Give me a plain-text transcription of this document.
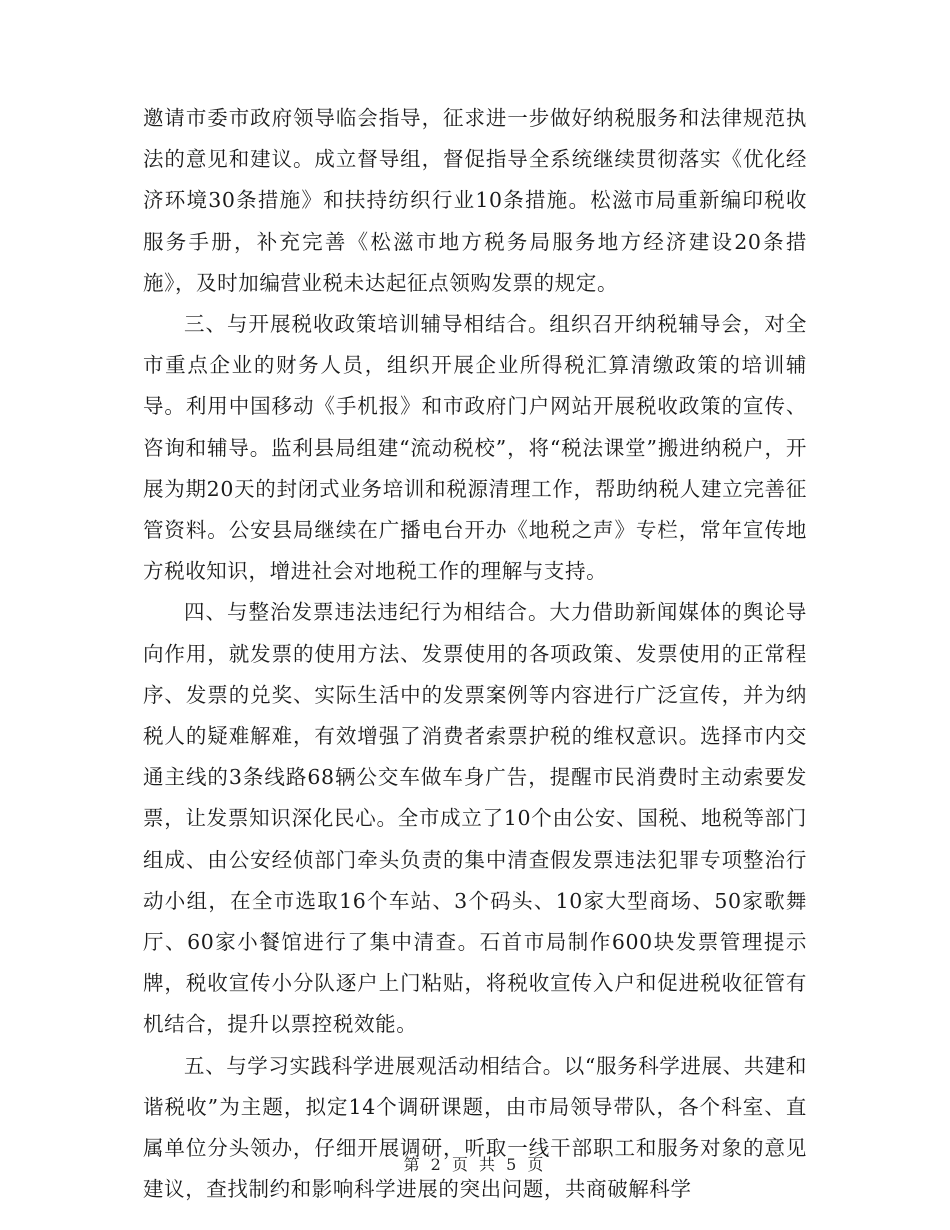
邀请市委市政府领导临会指导，征求进一步做好纳税服务和法律规范执法的意见和建议。成立督导组，督促指导全系统继续贯彻落实《优化经济环境30条措施》和扶持纺织行业10条措施。松滋市局重新编印税收服务手册，补充完善《松滋市地方税务局服务地方经济建设20条措施》，及时加编营业税未达起征点领购发票的规定。

三、与开展税收政策培训辅导相结合。组织召开纳税辅导会，对全市重点企业的财务人员，组织开展企业所得税汇算清缴政策的培训辅导。利用中国移动《手机报》和市政府门户网站开展税收政策的宣传、咨询和辅导。监利县局组建“流动税校”，将“税法课堂”搬进纳税户，开展为期20天的封闭式业务培训和税源清理工作，帮助纳税人建立完善征管资料。公安县局继续在广播电台开办《地税之声》专栏，常年宣传地方税收知识，增进社会对地税工作的理解与支持。

四、与整治发票违法违纪行为相结合。大力借助新闻媒体的舆论导向作用，就发票的使用方法、发票使用的各项政策、发票使用的正常程序、发票的兑奖、实际生活中的发票案例等内容进行广泛宣传，并为纳税人的疑难解难，有效增强了消费者索票护税的维权意识。选择市内交通主线的3条线路68辆公交车做车身广告，提醒市民消费时主动索要发票，让发票知识深化民心。全市成立了10个由公安、国税、地税等部门组成、由公安经侦部门牵头负责的集中清查假发票违法犯罪专项整治行动小组，在全市选取16个车站、3个码头、10家大型商场、50家歌舞厅、60家小餐馆进行了集中清查。石首市局制作600块发票管理提示牌，税收宣传小分队逐户上门粘贴，将税收宣传入户和促进税收征管有机结合，提升以票控税效能。

五、与学习实践科学进展观活动相结合。以“服务科学进展、共建和谐税收”为主题，拟定14个调研课题，由市局领导带队，各个科室、直属单位分头领办，仔细开展调研，听取一线干部职工和服务对象的意见建议，查找制约和影响科学进展的突出问题，共商破解科学

第 2 页 共 5 页
